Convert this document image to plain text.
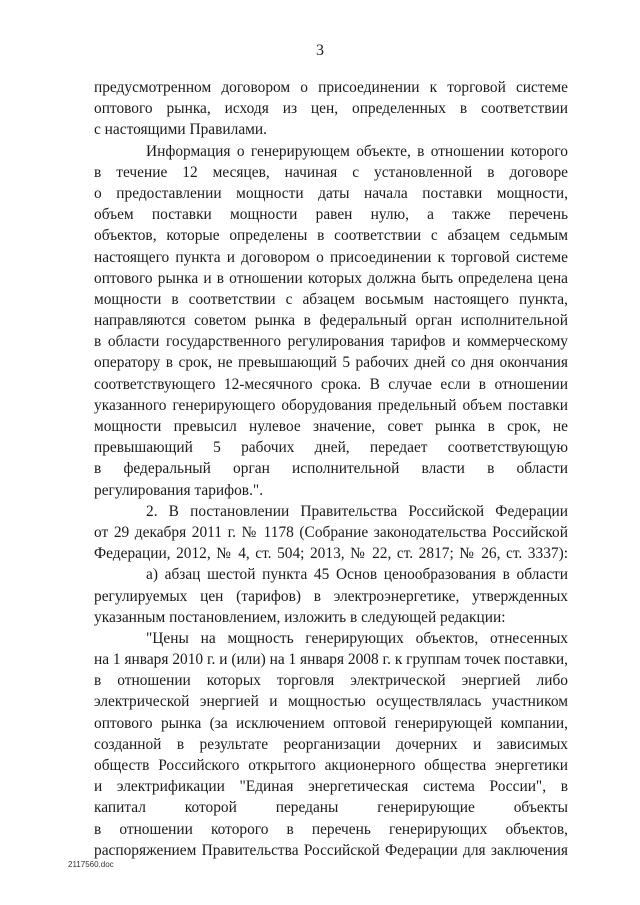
3
предусмотренном договором о присоединении к торговой системе
оптового рынка, исходя из цен, определенных в соответствии
с настоящими Правилами.
Информация о генерирующем объекте, в отношении которого
в течение 12 месяцев, начиная с установленной в договоре
о предоставлении мощности даты начала поставки мощности,
объем поставки мощности равен нулю, а также перечень
объектов, которые определены в соответствии с абзацем седьмым
настоящего пункта и договором о присоединении к торговой системе
оптового рынка и в отношении которых должна быть определена цена
мощности в соответствии с абзацем восьмым настоящего пункта,
направляются советом рынка в федеральный орган исполнительной
в области государственного регулирования тарифов и коммерческому
оператору в срок, не превышающий 5 рабочих дней со дня окончания
соответствующего 12-месячного срока. В случае если в отношении
указанного генерирующего оборудования предельный объем поставки
мощности превысил нулевое значение, совет рынка в срок, не
превышающий 5 рабочих дней, передает соответствующую
в федеральный орган исполнительной власти в области
регулирования тарифов.".
2. В постановлении Правительства Российской Федерации
от 29 декабря 2011 г. № 1178 (Собрание законодательства Российской
Федерации, 2012, № 4, ст. 504; 2013, № 22, ст. 2817; № 26, ст. 3337):
а) абзац шестой пункта 45 Основ ценообразования в области
регулируемых цен (тарифов) в электроэнергетике, утвержденных
указанным постановлением, изложить в следующей редакции:
"Цены на мощность генерирующих объектов, отнесенных
на 1 января 2010 г. и (или) на 1 января 2008 г. к группам точек поставки,
в отношении которых торговля электрической энергией либо
электрической энергией и мощностью осуществлялась участником
оптового рынка (за исключением оптовой генерирующей компании,
созданной в результате реорганизации дочерних и зависимых
обществ Российского открытого акционерного общества энергетики
и электрификации "Единая энергетическая система России", в
капитал которой переданы генерирующие объекты
в отношении которого в перечень генерирующих объектов,
распоряжением Правительства Российской Федерации для заключения
2117560.doc
